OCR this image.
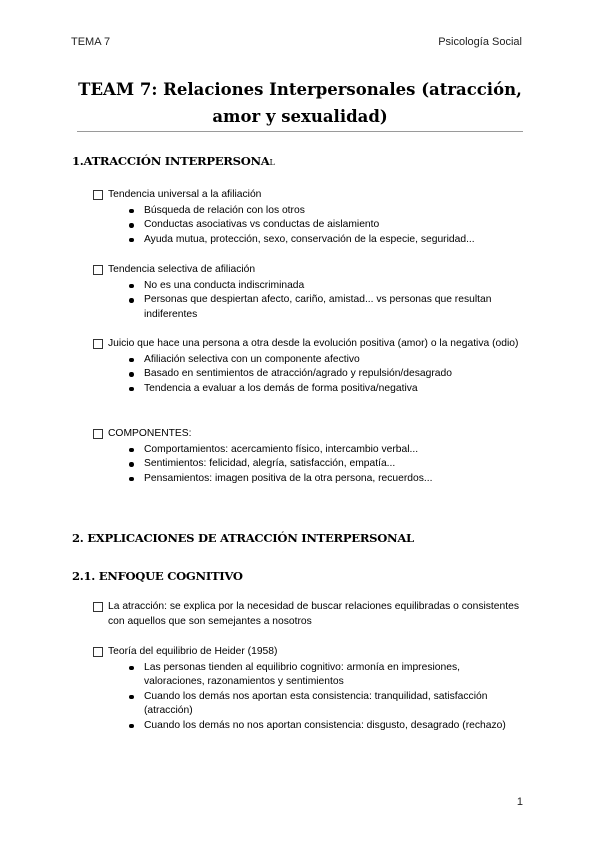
TEMA 7	Psicología Social
TEAM 7: Relaciones Interpersonales (atracción, amor y sexualidad)
1.ATRACCIÓN INTERPERSONAL
Tendencia universal a la afiliación
Búsqueda de relación con los otros
Conductas asociativas vs conductas de aislamiento
Ayuda mutua, protección, sexo, conservación de la especie, seguridad...
Tendencia selectiva de afiliación
No es una conducta indiscriminada
Personas que despiertan afecto, cariño, amistad... vs personas que resultan indiferentes
Juicio que hace una persona a otra desde la evolución positiva (amor) o la negativa (odio)
Afiliación selectiva con un componente afectivo
Basado en sentimientos de atracción/agrado y repulsión/desagrado
Tendencia a evaluar a los demás de forma positiva/negativa
COMPONENTES:
Comportamientos: acercamiento físico, intercambio verbal...
Sentimientos: felicidad, alegría, satisfacción, empatía...
Pensamientos: imagen positiva de la otra persona, recuerdos...
2. EXPLICACIONES DE ATRACCIÓN INTERPERSONAL
2.1. ENFOQUE COGNITIVO
La atracción: se explica por la necesidad de buscar relaciones equilibradas o consistentes con aquellos que son semejantes a nosotros
Teoría del equilibrio de Heider (1958)
Las personas tienden al equilibrio cognitivo: armonía en impresiones, valoraciones, razonamientos y sentimientos
Cuando los demás nos aportan esta consistencia: tranquilidad, satisfacción (atracción)
Cuando los demás no nos aportan consistencia: disgusto, desagrado (rechazo)
1
